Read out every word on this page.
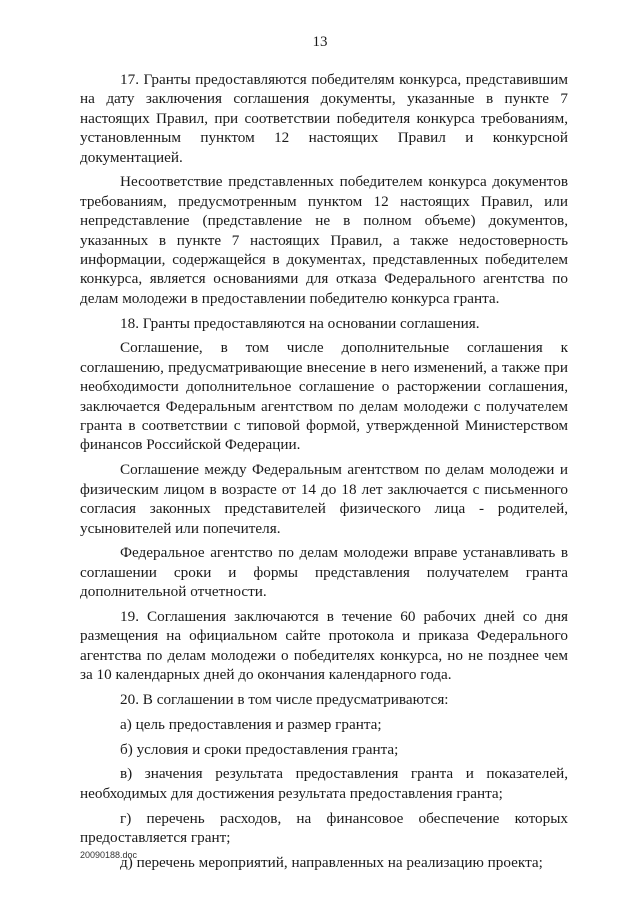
13

17. Гранты предоставляются победителям конкурса, представившим на дату заключения соглашения документы, указанные в пункте 7 настоящих Правил, при соответствии победителя конкурса требованиям, установленным пунктом 12 настоящих Правил и конкурсной документацией.

Несоответствие представленных победителем конкурса документов требованиям, предусмотренным пунктом 12 настоящих Правил, или непредставление (представление не в полном объеме) документов, указанных в пункте 7 настоящих Правил, а также недостоверность информации, содержащейся в документах, представленных победителем конкурса, является основаниями для отказа Федерального агентства по делам молодежи в предоставлении победителю конкурса гранта.

18. Гранты предоставляются на основании соглашения.

Соглашение, в том числе дополнительные соглашения к соглашению, предусматривающие внесение в него изменений, а также при необходимости дополнительное соглашение о расторжении соглашения, заключается Федеральным агентством по делам молодежи с получателем гранта в соответствии с типовой формой, утвержденной Министерством финансов Российской Федерации.

Соглашение между Федеральным агентством по делам молодежи и физическим лицом в возрасте от 14 до 18 лет заключается с письменного согласия законных представителей физического лица - родителей, усыновителей или попечителя.

Федеральное агентство по делам молодежи вправе устанавливать в соглашении сроки и формы представления получателем гранта дополнительной отчетности.

19. Соглашения заключаются в течение 60 рабочих дней со дня размещения на официальном сайте протокола и приказа Федерального агентства по делам молодежи о победителях конкурса, но не позднее чем за 10 календарных дней до окончания календарного года.

20. В соглашении в том числе предусматриваются:

а) цель предоставления и размер гранта;

б) условия и сроки предоставления гранта;

в) значения результата предоставления гранта и показателей, необходимых для достижения результата предоставления гранта;

г) перечень расходов, на финансовое обеспечение которых предоставляется грант;

д) перечень мероприятий, направленных на реализацию проекта;

20090188.doc
